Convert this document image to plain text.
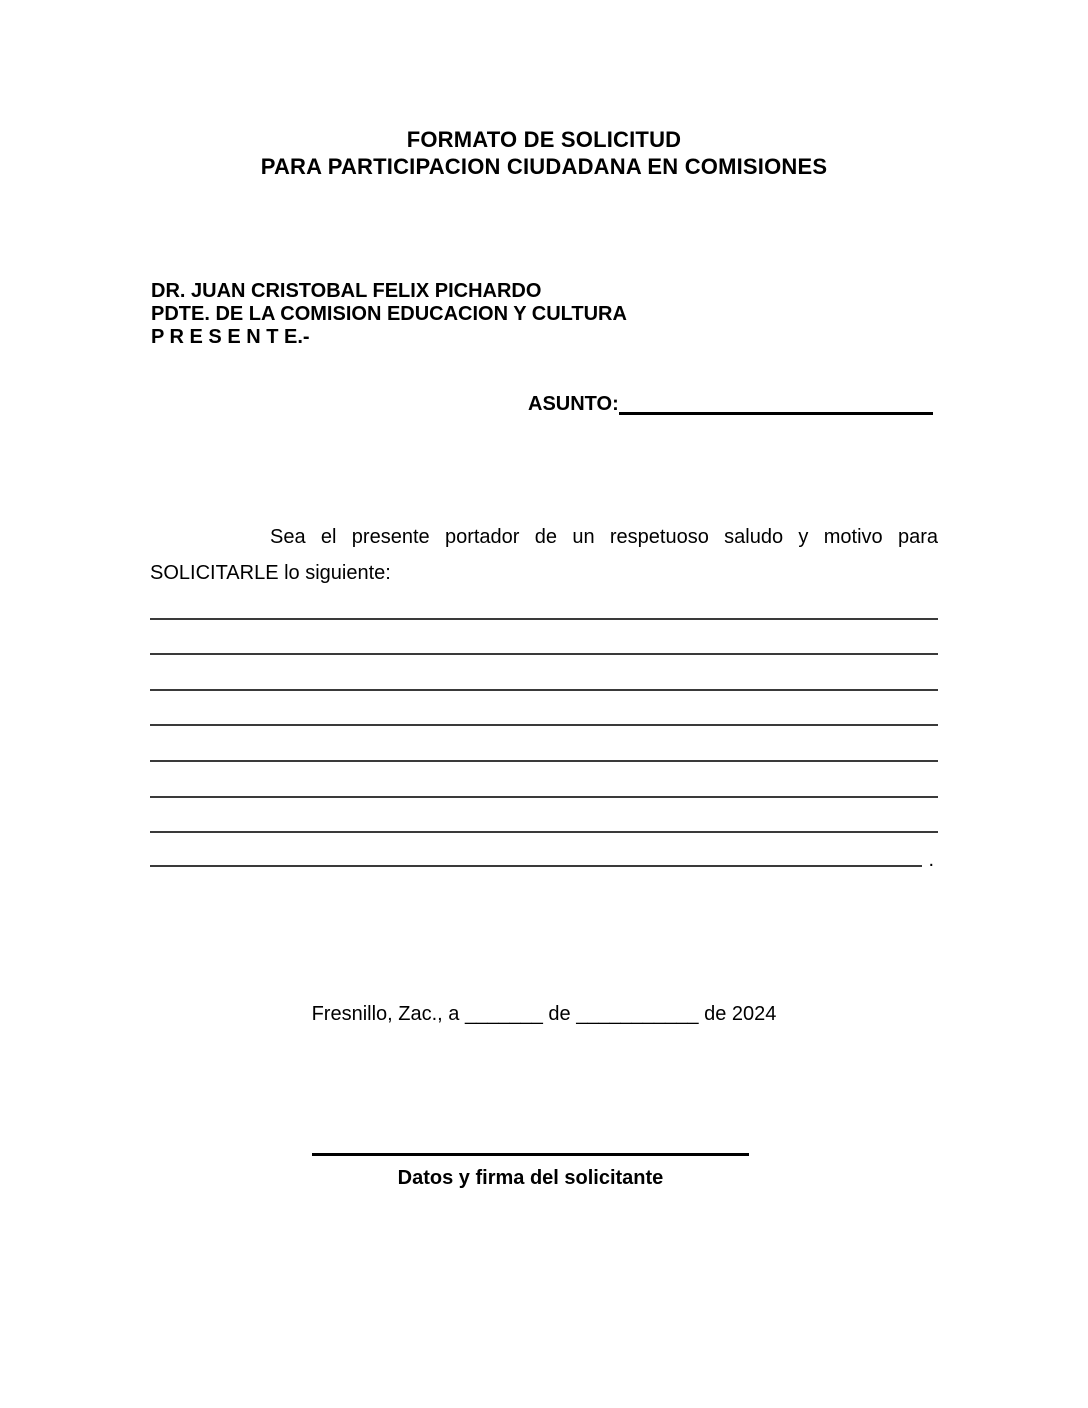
FORMATO DE SOLICITUD
PARA PARTICIPACION CIUDADANA EN COMISIONES
DR. JUAN CRISTOBAL FELIX PICHARDO
PDTE. DE LA COMISION EDUCACION Y CULTURA
P R E S E N T E.-
ASUNTO:

Sea el presente portador de un respetuoso saludo y motivo para SOLICITARLE lo siguiente:

.
Fresnillo, Zac., a _______ de ___________ de 2024
Datos y firma del solicitante
